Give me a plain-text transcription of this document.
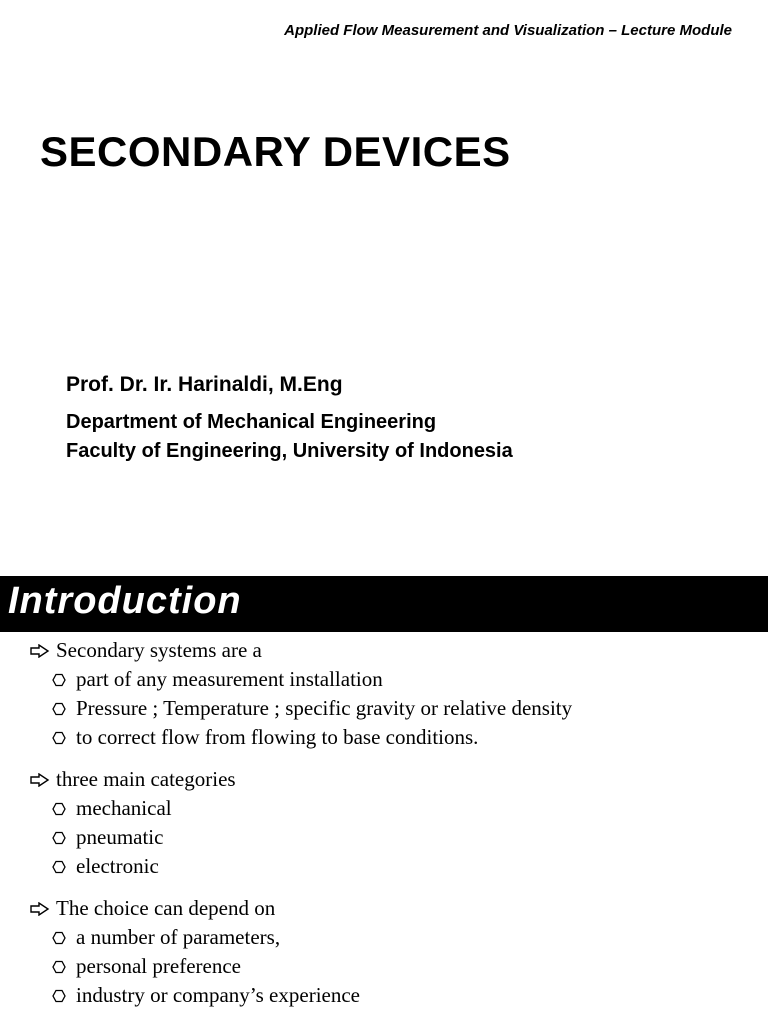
Applied Flow Measurement and Visualization – Lecture Module
SECONDARY DEVICES
Prof. Dr. Ir. Harinaldi, M.Eng
Department of Mechanical Engineering
Faculty of Engineering, University of Indonesia
Introduction
Secondary systems are a
part of any measurement installation
Pressure ; Temperature ; specific gravity or relative density
to correct flow from flowing to base conditions.
three main categories
mechanical
pneumatic
electronic
The choice can depend on
a number of parameters,
personal preference
industry or company’s experience
